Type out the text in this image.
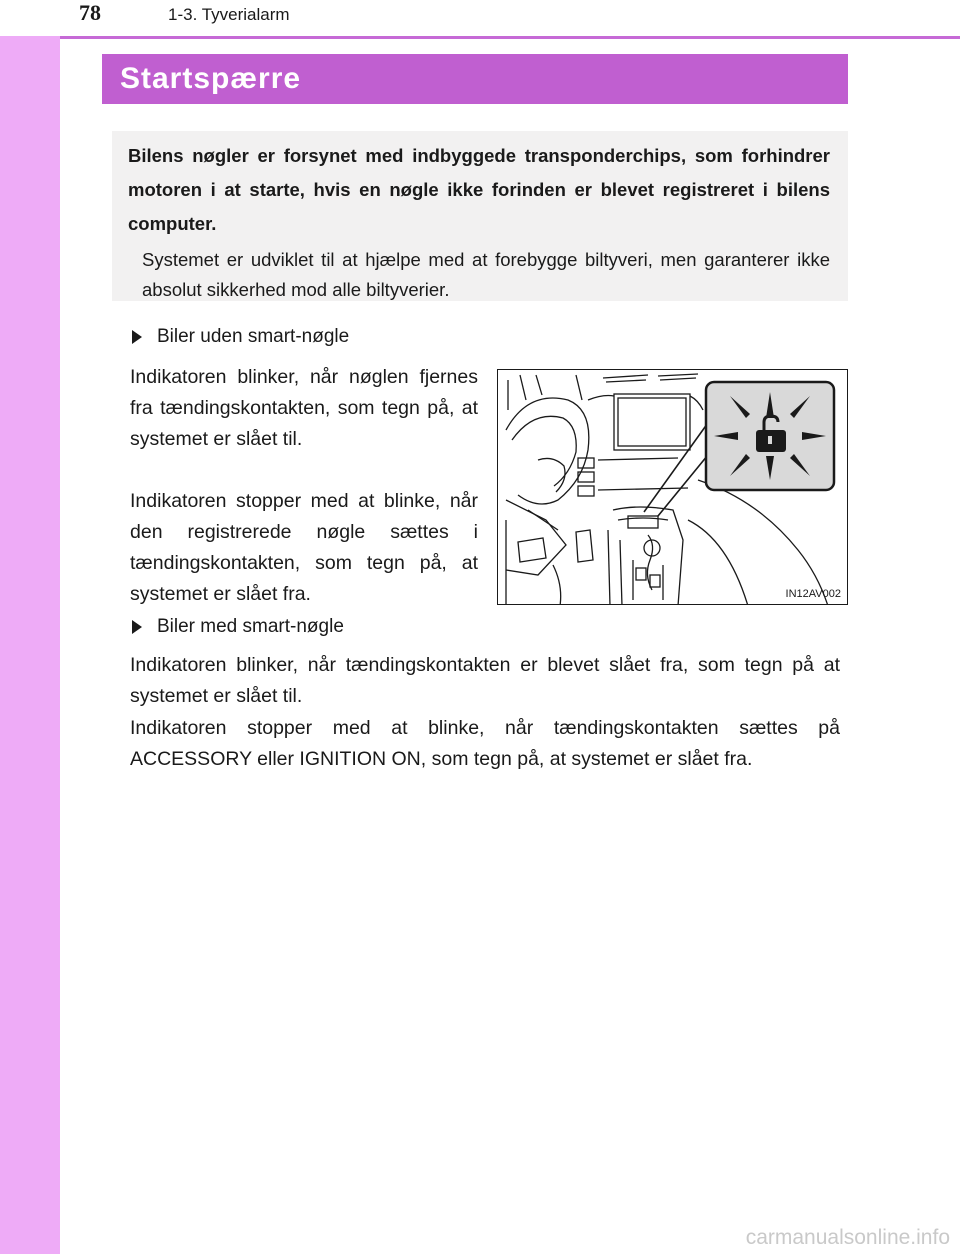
78	1-3. Tyverialarm
Startspærre

Bilens nøgler er forsynet med indbyggede transponderchips, som forhindrer motoren i at starte, hvis en nøgle ikke forinden er blevet registreret i bilens computer.

Systemet er udviklet til at hjælpe med at forebygge biltyveri, men garanterer ikke absolut sikkerhed mod alle biltyverier.

Biler uden smart-nøgle

Indikatoren blinker, når nøglen fjernes fra tændingskontakten, som tegn på, at systemet er slået til.

Indikatoren stopper med at blinke, når den registrerede nøgle sættes i tændingskontakten, som tegn på, at systemet er slået fra.	IN12AV002
Biler med smart-nøgle

Indikatoren blinker, når tændingskontakten er blevet slået fra, som tegn på at systemet er slået til.

Indikatoren stopper med at blinke, når tændingskontakten sættes på ACCESSORY eller IGNITION ON, som tegn på, at systemet er slået fra.

carmanualsonline.info
